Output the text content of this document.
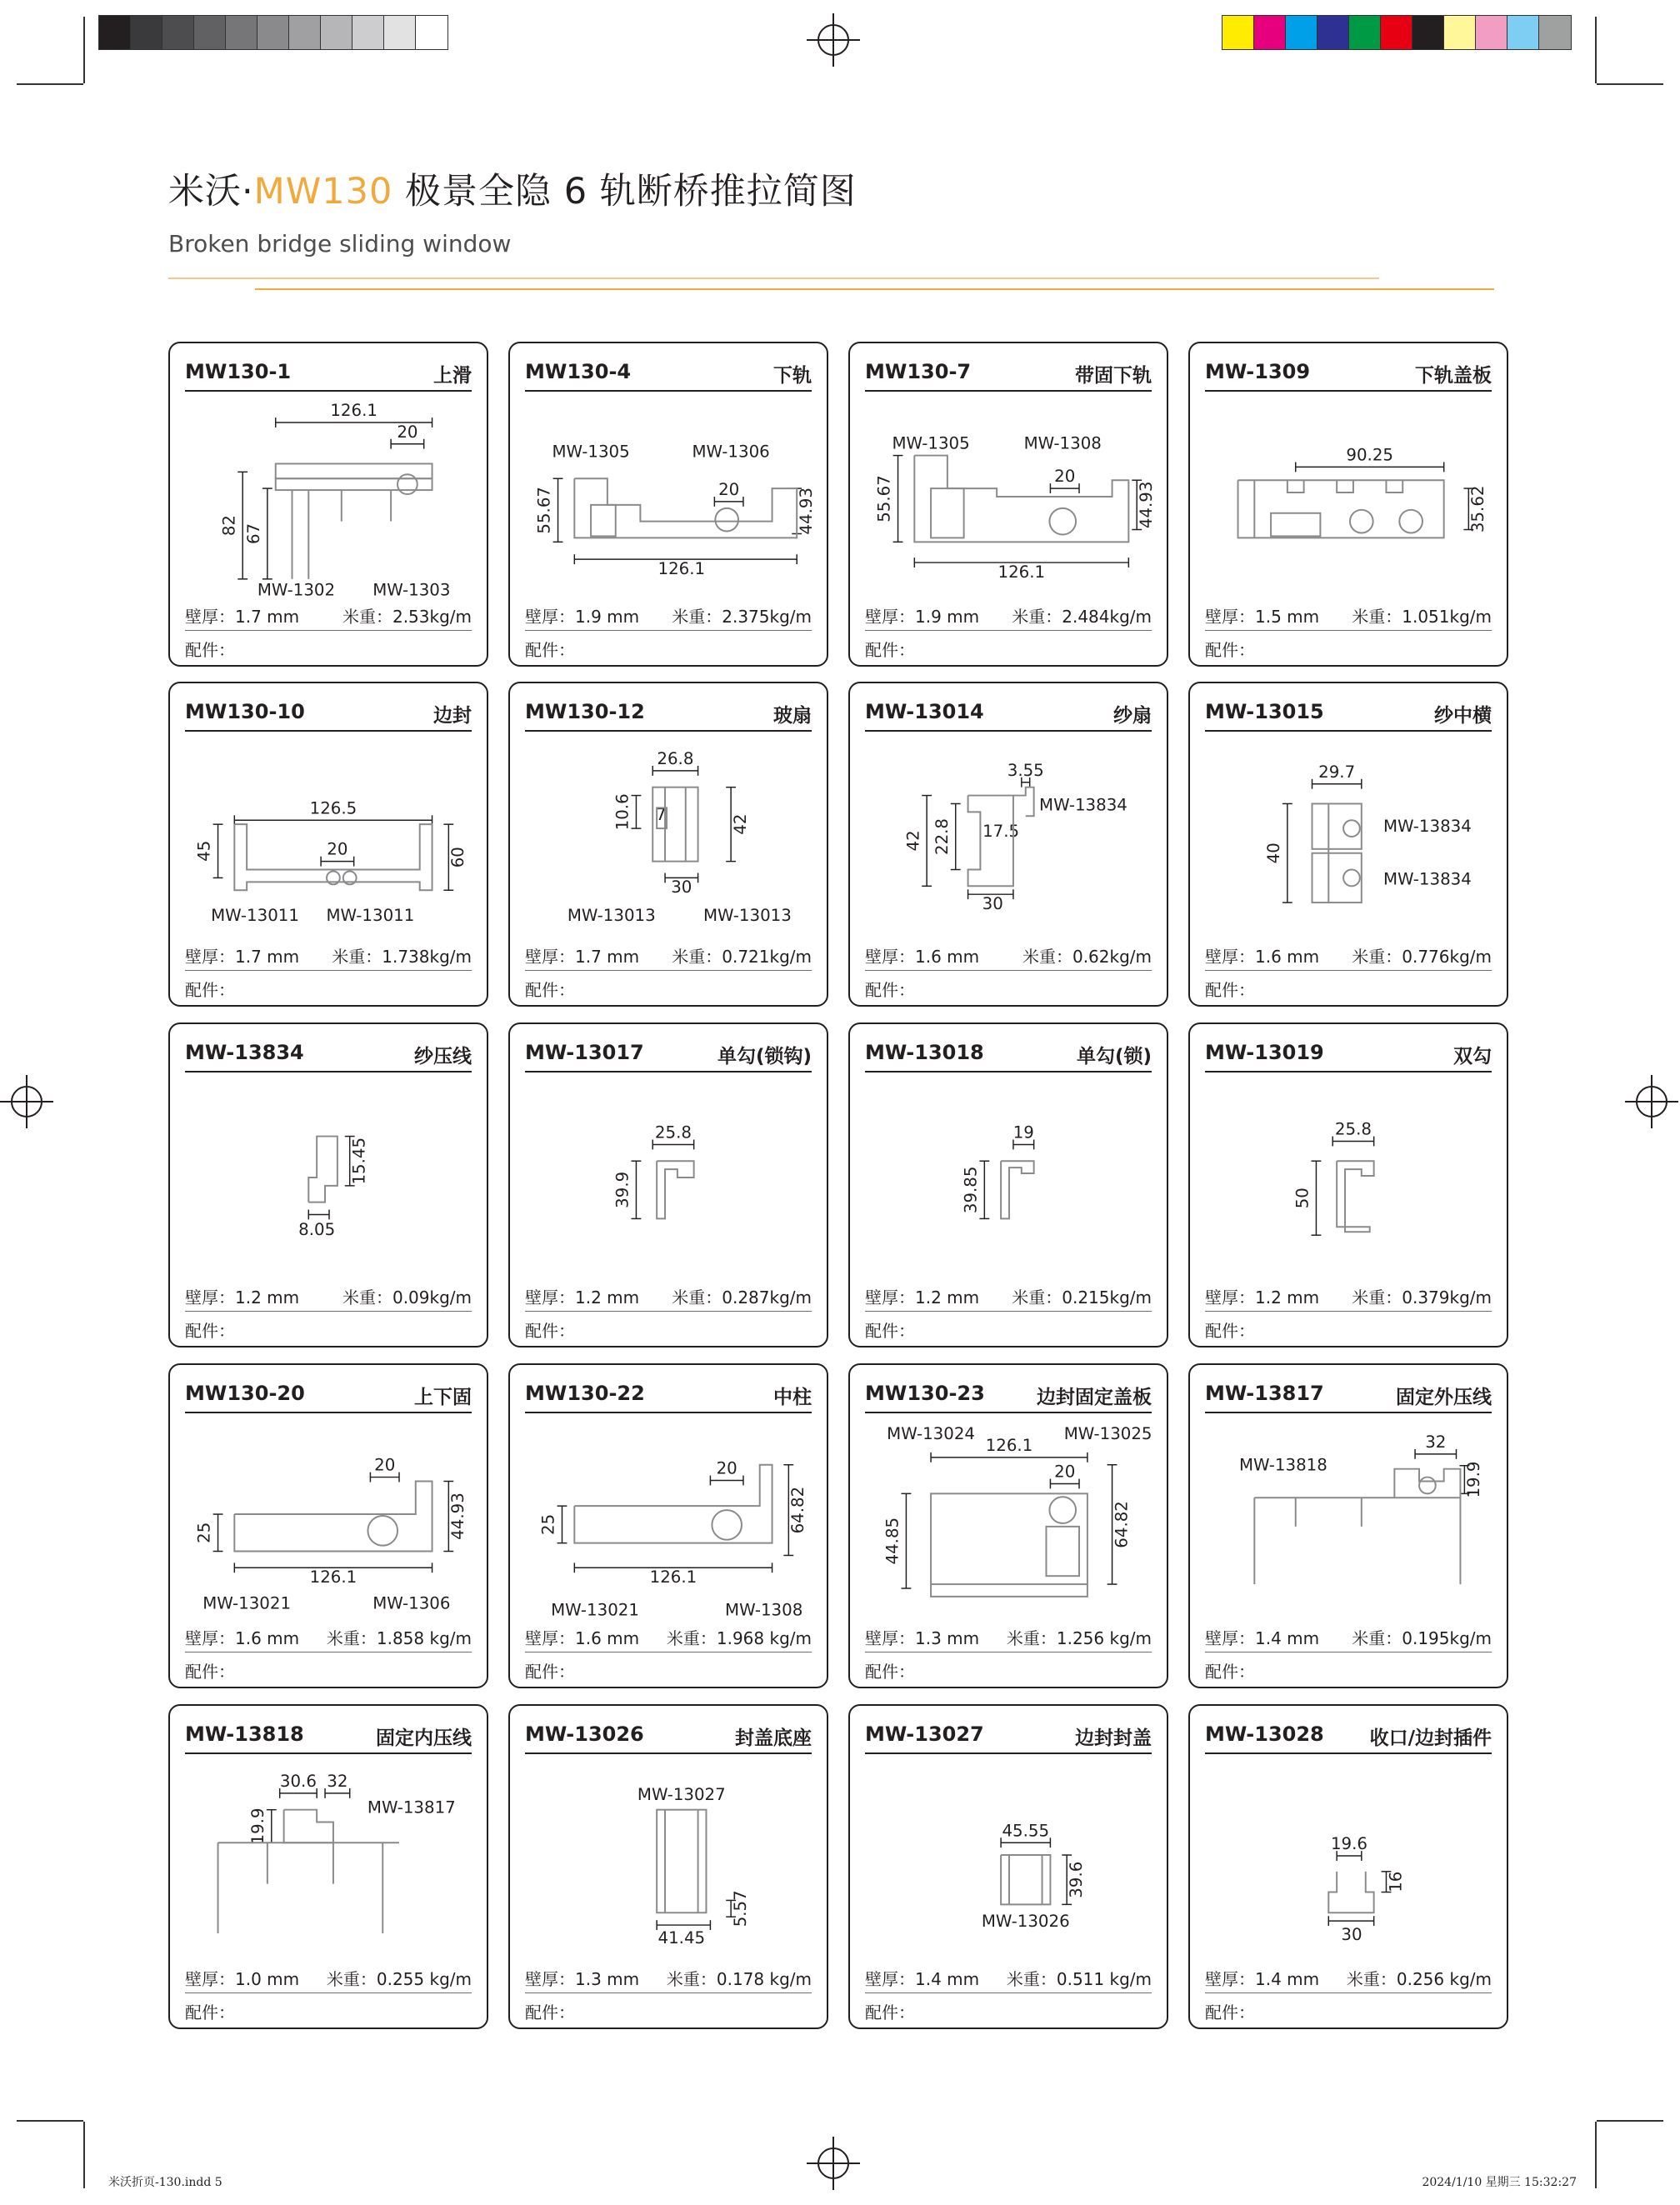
米沃·MW130 极景全隐 6 轨断桥推拉简图
Broken bridge sliding window
MW130-1	上滑
126.1
20
82 67
MW-1302 MW-1303
壁厚：1.7 mm	米重：2.53kg/m
配件：
MW130-4	下轨
MW-1305	MW-1306
55.67	20	44.93
126.1
壁厚：1.9 mm 米重：2.375kg/m
配件：
MW130-7	带固下轨
MW-1305	MW-1308
55.67	20
44.93
126.1
壁厚：1.9 mm 米重：2.484kg/m
配件：
MW-1309	下轨盖板
90.25
35.62
壁厚：1.5 mm 米重：1.051kg/m
配件：
MW130-10	边封
126.5
45	60
20
MW-13011 MW-13011
壁厚：1.7 mm 米重：1.738kg/m
配件：
MW130-12	玻扇
26.8
10.6 7	42
30
MW-13013	MW-13013
壁厚：1.7 mm 米重：0.721kg/m
配件：
MW-13014	纱扇
3.55
22.8 17.5
42
30
MW-13834
壁厚：1.6 mm	米重：0.62kg/m
配件：
MW-13015	纱中横
29.7
40
MW-13834
MW-13834
壁厚：1.6 mm 米重：0.776kg/m
配件：
MW-13834	纱压线
15.45
8.05
壁厚：1.2 mm	米重：0.09kg/m
配件：
MW-13017	单勾(锁钩)
25.8
39.9
壁厚：1.2 mm 米重：0.287kg/m
配件：
MW-13018	单勾(锁)
19
39.85
壁厚：1.2 mm 米重：0.215kg/m
配件：
MW-13019	双勾
25.8
50
壁厚：1.2 mm 米重：0.379kg/m
配件：
MW130-20	上下固
20
25	44.93
126.1
MW-13021	MW-1306
壁厚：1.6 mm 米重：1.858 kg/m
配件：
MW130-22	中柱
20
25	64.82
126.1
MW-13021	MW-1308
壁厚：1.6 mm 米重：1.968 kg/m
配件：
MW130-23	边封固定盖板
MW-13024	MW-13025
126.1
20
44.85	64.82
壁厚：1.3 mm 米重：1.256 kg/m
配件：
MW-13817	固定外压线
MW-13818
32
19.9
壁厚：1.4 mm 米重：0.195kg/m
配件：
MW-13818	固定内压线
30.6 32
19.9
MW-13817
壁厚：1.0 mm 米重：0.255 kg/m
配件：
MW-13026	封盖底座
MW-13027
41.45
5.57
壁厚：1.3 mm 米重：0.178 kg/m
配件：
MW-13027	边封封盖
45.55
39.6
MW-13026
壁厚：1.4 mm 米重：0.511 kg/m
配件：
MW-13028 收口/边封插件
19.6
16
30
壁厚：1.4 mm 米重：0.256 kg/m
配件：
米沃折页-130.indd 5	2024/1/10 星期三 15:32:27
